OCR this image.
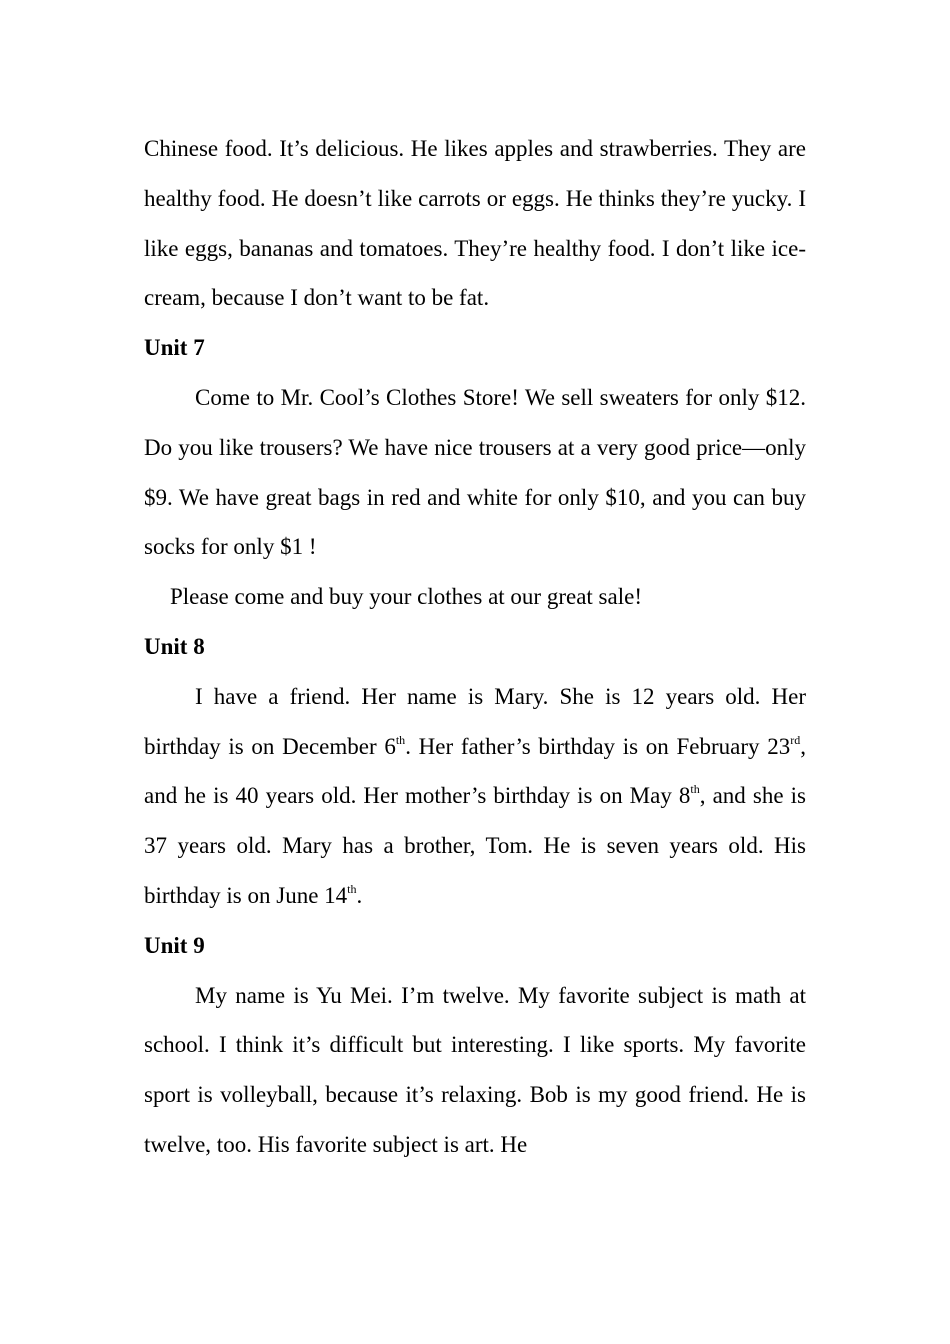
Chinese food. It’s delicious. He likes apples and strawberries. They are healthy food. He doesn’t like carrots or eggs. He thinks they’re yucky. I like eggs, bananas and tomatoes. They’re healthy food. I don’t like ice-cream, because I don’t want to be fat.

Unit 7

Come to Mr. Cool’s Clothes Store! We sell sweaters for only $12. Do you like trousers? We have nice trousers at a very good price—only $9. We have great bags in red and white for only $10, and you can buy socks for only $1 !

Please come and buy your clothes at our great sale!

Unit 8

I have a friend. Her name is Mary. She is 12 years old. Her birthday is on December 6th. Her father’s birthday is on February 23rd, and he is 40 years old. Her mother’s birthday is on May 8th, and she is 37 years old. Mary has a brother, Tom. He is seven years old. His birthday is on June 14th.

Unit 9

My name is Yu Mei. I’m twelve. My favorite subject is math at school. I think it’s difficult but interesting. I like sports. My favorite sport is volleyball, because it’s relaxing. Bob is my good friend. He is twelve, too. His favorite subject is art. He
